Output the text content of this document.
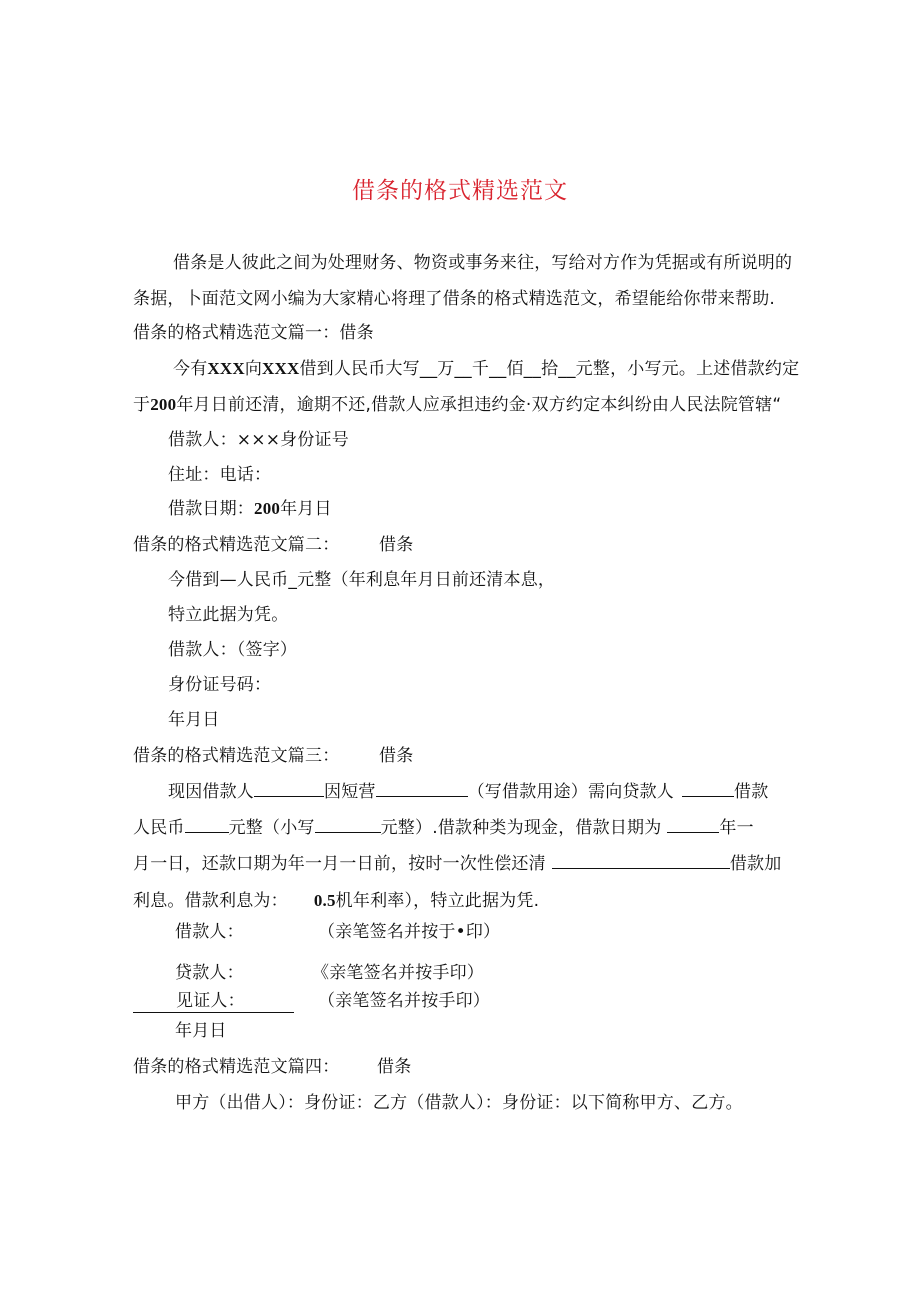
借条的格式精选范文
借条是人彼此之间为处理财务、物资或事务来往，写给对方作为凭据或有所说明的
条据，卜面范文网小编为大家精心将理了借条的格式精选范文，希望能给你带来帮助.
借条的格式精选范文篇一：借条
今有XXX向XXX借到人民币大写__万__千__佰__拾__元整，小写元。上述借款约定
于200年月日前还清，逾期不还,借款人应承担违约金·双方约定本纠纷由人民法院管辖“
借款人：×××身份证号
住址：电话：
借款日期：200年月日
借条的格式精选范文篇二： 借条
今借到—人民币_元整（年利息年月日前还清本息，
特立此据为凭。
借款人：（签字）
身份证号码：
年月日
借条的格式精选范文篇三： 借条
现因借款人	因短营	（写借款用途）需向贷款人	借款
人民币	元整（小写	元整）.借款种类为现金，借款日期为	年一
月一日，还款口期为年一月一日前，按时一次性偿还清	借款加
利息。借款利息为： 0.5机年利率），特立此据为凭.
借款人：	（亲笔签名并按于•印）
贷款人：	《亲笔签名并按手印）
见证人：	（亲笔签名并按手印）
年月日
借条的格式精选范文篇四： 借条
甲方（出借人）：身份证：乙方（借款人）：身份证：以下简称甲方、乙方。
